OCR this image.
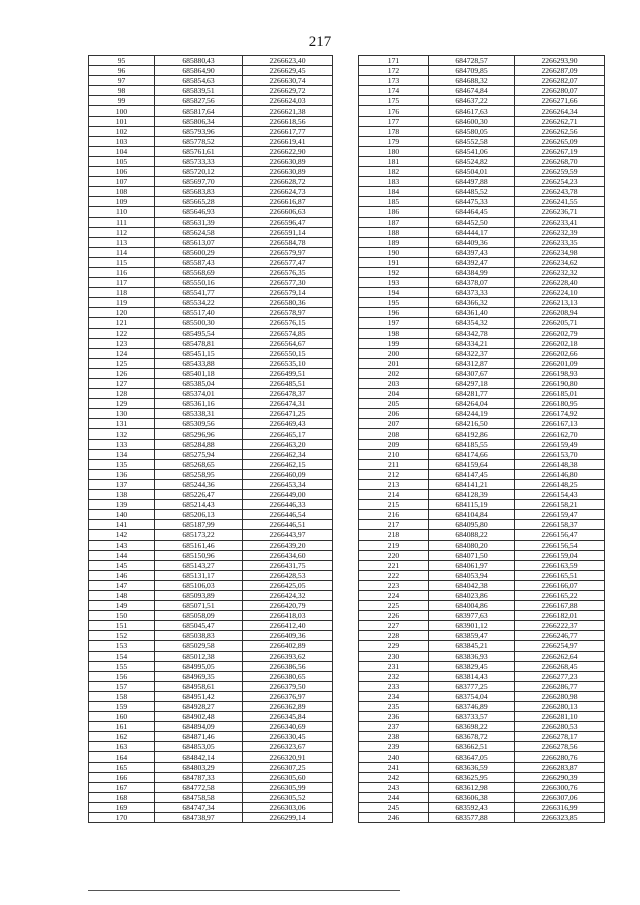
217
95	685880,43	2266623,40
96	685864,90	2266629,45
97	685854,63	2266630,74
98	685839,51	2266629,72
99	685827,56	2266624,03
100	685817,64	2266621,38
101	685806,34	2266618,56
102	685793,96	2266617,77
103	685778,52	2266619,41
104	685761,61	2266622,90
105	685733,33	2266630,89
106	685720,12	2266630,89
107	685697,70	2266628,72
108	685683,83	2266624,73
109	685665,28	2266616,87
110	685646,93	2266606,63
111	685631,39	2266596,47
112	685624,58	2266591,14
113	685613,07	2266584,78
114	685600,29	2266579,97
115	685587,43	2266577,47
116	685568,69	2266576,35
117	685550,16	2266577,30
118	685541,77	2266579,14
119	685534,22	2266580,36
120	685517,40	2266578,97
121	685500,30	2266576,15
122	685495,54	2266574,85
123	685478,81	2266564,67
124	685451,15	2266550,15
125	685433,88	2266535,10
126	685401,18	2266499,51
127	685385,04	2266485,51
128	685374,01	2266478,37
129	685361,16	2266474,31
130	685338,31	2266471,25
131	685309,56	2266469,43
132	685296,96	2266465,17
133	685284,88	2266463,20
134	685275,94	2266462,34
135	685268,65	2266462,15
136	685258,95	2266460,09
137	685244,36	2266453,34
138	685226,47	2266449,00
139	685214,43	2266446,33
140	685206,13	2266446,54
141	685187,99	2266446,51
142	685173,22	2266443,97
143	685161,46	2266439,20
144	685150,96	2266434,60
145	685143,27	2266431,75
146	685131,17	2266428,53
147	685106,03	2266425,05
148	685093,89	2266424,32
149	685071,51	2266420,79
150	685058,09	2266418,03
151	685045,47	2266412,40
152	685038,83	2266409,36
153	685029,58	2266402,89
154	685012,38	2266393,62
155	684995,05	2266386,56
156	684969,35	2266380,65
157	684958,61	2266379,50
158	684951,42	2266376,97
159	684928,27	2266362,89
160	684902,48	2266345,84
161	684894,09	2266340,69
162	684871,46	2266330,45
163	684853,05	2266323,67
164	684842,14	2266320,91
165	684803,29	2266307,25
166	684787,33	2266305,60
167	684772,58	2266305,99
168	684758,58	2266305,52
169	684747,34	2266303,06
170	684738,97	2266299,14
171	684728,57	2266293,90
172	684709,85	2266287,09
173	684688,32	2266282,07
174	684674,84	2266280,07
175	684637,22	2266271,66
176	684617,63	2266264,34
177	684600,30	2266262,71
178	684580,05	2266262,56
179	684552,58	2266265,09
180	684541,06	2266267,19
181	684524,82	2266268,70
182	684504,01	2266259,59
183	684497,88	2266254,23
184	684485,52	2266243,78
185	684475,33	2266241,55
186	684464,45	2266236,71
187	684452,50	2266233,41
188	684444,17	2266232,39
189	684409,36	2266233,35
190	684397,43	2266234,98
191	684392,47	2266234,62
192	684384,99	2266232,32
193	684378,07	2266228,40
194	684373,33	2266224,10
195	684366,32	2266213,13
196	684361,40	2266208,94
197	684354,32	2266205,71
198	684342,78	2266202,79
199	684334,21	2266202,18
200	684322,37	2266202,66
201	684312,87	2266201,09
202	684307,67	2266198,93
203	684297,18	2266190,80
204	684281,77	2266185,01
205	684264,04	2266180,95
206	684244,19	2266174,92
207	684216,50	2266167,13
208	684192,86	2266162,70
209	684185,55	2266159,49
210	684174,66	2266153,70
211	684159,64	2266148,38
212	684147,45	2266146,80
213	684141,21	2266148,25
214	684128,39	2266154,43
215	684115,19	2266158,21
216	684104,84	2266159,47
217	684095,80	2266158,37
218	684088,22	2266156,47
219	684080,20	2266156,54
220	684071,50	2266159,04
221	684061,97	2266163,59
222	684053,94	2266165,51
223	684042,38	2266166,07
224	684023,86	2266165,22
225	684004,86	2266167,88
226	683977,63	2266182,01
227	683901,12	2266222,37
228	683859,47	2266246,77
229	683845,21	2266254,97
230	683836,93	2266262,64
231	683829,45	2266268,45
232	683814,43	2266277,23
233	683777,25	2266286,77
234	683754,04	2266280,98
235	683746,89	2266280,13
236	683733,57	2266281,10
237	683698,22	2266280,53
238	683678,72	2266278,17
239	683662,51	2266278,56
240	683647,05	2266280,76
241	683636,59	2266283,87
242	683625,95	2266290,39
243	683612,98	2266300,76
244	683606,38	2266307,06
245	683592,43	2266316,99
246	683577,88	2266323,85
